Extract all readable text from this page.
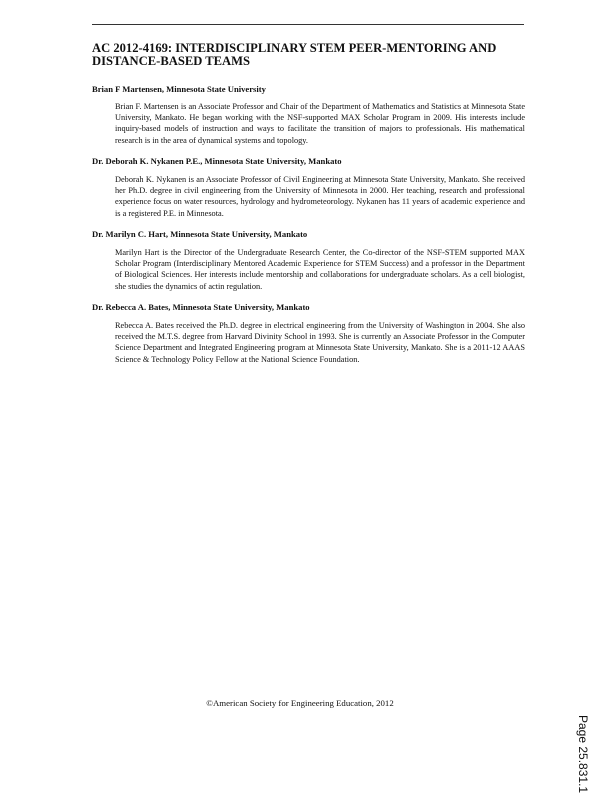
AC 2012-4169: INTERDISCIPLINARY STEM PEER-MENTORING AND DISTANCE-BASED TEAMS

Brian F Martensen, Minnesota State University

Brian F. Martensen is an Associate Professor and Chair of the Department of Mathematics and Statistics at Minnesota State University, Mankato. He began working with the NSF-supported MAX Scholar Program in 2009. His interests include inquiry-based models of instruction and ways to facilitate the transition of majors to professionals. His mathematical research is in the area of dynamical systems and topology.

Dr. Deborah K. Nykanen P.E., Minnesota State University, Mankato

Deborah K. Nykanen is an Associate Professor of Civil Engineering at Minnesota State University, Mankato. She received her Ph.D. degree in civil engineering from the University of Minnesota in 2000. Her teaching, research and professional experience focus on water resources, hydrology and hydrometeorology. Nykanen has 11 years of academic experience and is a registered P.E. in Minnesota.

Dr. Marilyn C. Hart, Minnesota State University, Mankato

Marilyn Hart is the Director of the Undergraduate Research Center, the Co-director of the NSF-STEM supported MAX Scholar Program (Interdisciplinary Mentored Academic Experience for STEM Success) and a professor in the Department of Biological Sciences. Her interests include mentorship and collaborations for undergraduate scholars. As a cell biologist, she studies the dynamics of actin regulation.

Dr. Rebecca A. Bates, Minnesota State University, Mankato

Rebecca A. Bates received the Ph.D. degree in electrical engineering from the University of Washington in 2004. She also received the M.T.S. degree from Harvard Divinity School in 1993. She is currently an Associate Professor in the Computer Science Department and Integrated Engineering program at Minnesota State University, Mankato. She is a 2011-12 AAAS Science & Technology Policy Fellow at the National Science Foundation.

©American Society for Engineering Education, 2012

Page 25.831.1
